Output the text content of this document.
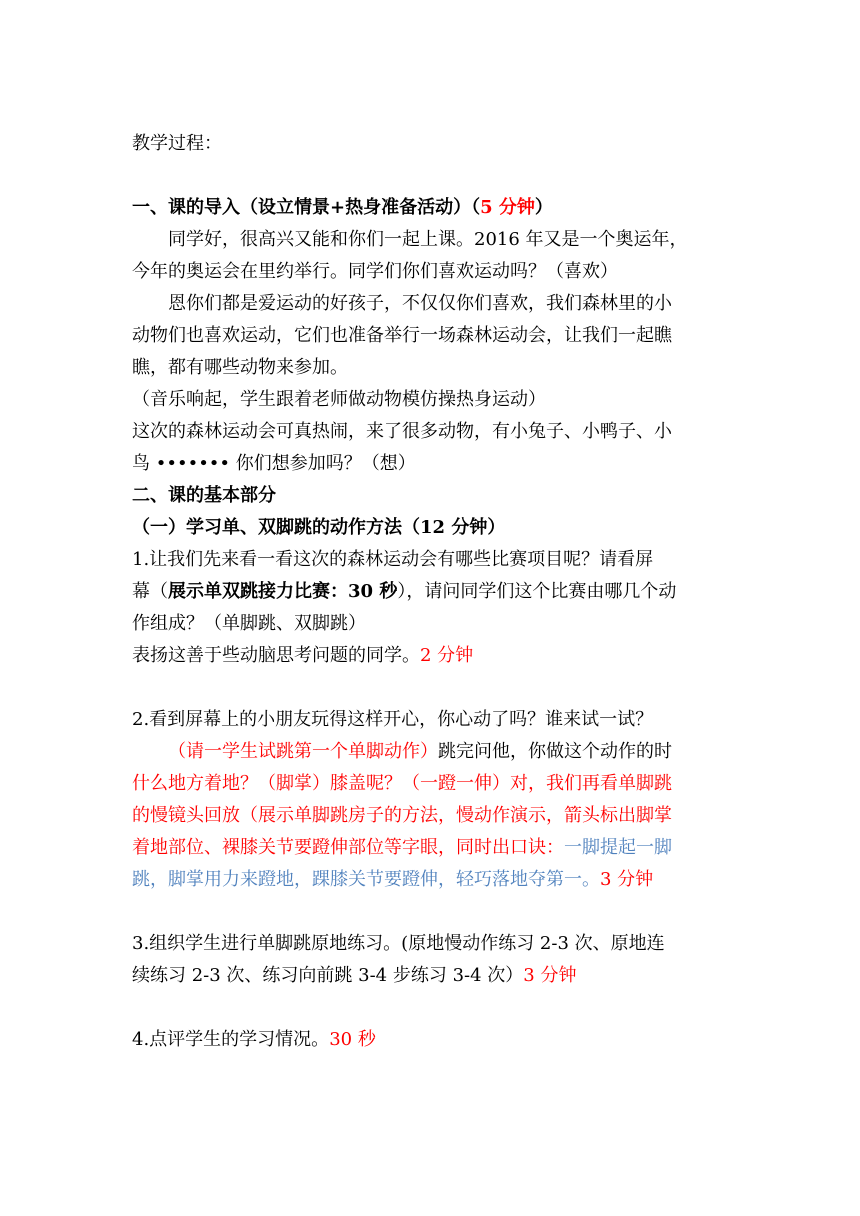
教学过程：

一、课的导入（设立情景+热身准备活动）（5 分钟）

同学好，很高兴又能和你们一起上课。2016 年又是一个奥运年，

今年的奥运会在里约举行。同学们你们喜欢运动吗？（喜欢）

恩你们都是爱运动的好孩子，不仅仅你们喜欢，我们森林里的小

动物们也喜欢运动，它们也准备举行一场森林运动会，让我们一起瞧

瞧，都有哪些动物来参加。

（音乐响起，学生跟着老师做动物模仿操热身运动）

这次的森林运动会可真热闹，来了很多动物，有小兔子、小鸭子、小

鸟 ••••••• 你们想参加吗？（想）

二、课的基本部分

（一）学习单、双脚跳的动作方法（12 分钟）

1.让我们先来看一看这次的森林运动会有哪些比赛项目呢？请看屏

幕（展示单双跳接力比赛：30 秒），请问同学们这个比赛由哪几个动

作组成？（单脚跳、双脚跳）

表扬这善于些动脑思考问题的同学。2 分钟

2.看到屏幕上的小朋友玩得这样开心，你心动了吗？谁来试一试？

（请一学生试跳第一个单脚动作）跳完问他，你做这个动作的时

什么地方着地？（脚掌）膝盖呢？（一蹬一伸）对，我们再看单脚跳

的慢镜头回放（展示单脚跳房子的方法，慢动作演示，箭头标出脚掌

着地部位、裸膝关节要蹬伸部位等字眼，同时出口诀：一脚提起一脚

跳，脚掌用力来蹬地，踝膝关节要蹬伸，轻巧落地夺第一。3 分钟

3.组织学生进行单脚跳原地练习。(原地慢动作练习 2-3 次、原地连

续练习 2-3 次、练习向前跳 3-4 步练习 3-4 次）3 分钟

4.点评学生的学习情况。30 秒
